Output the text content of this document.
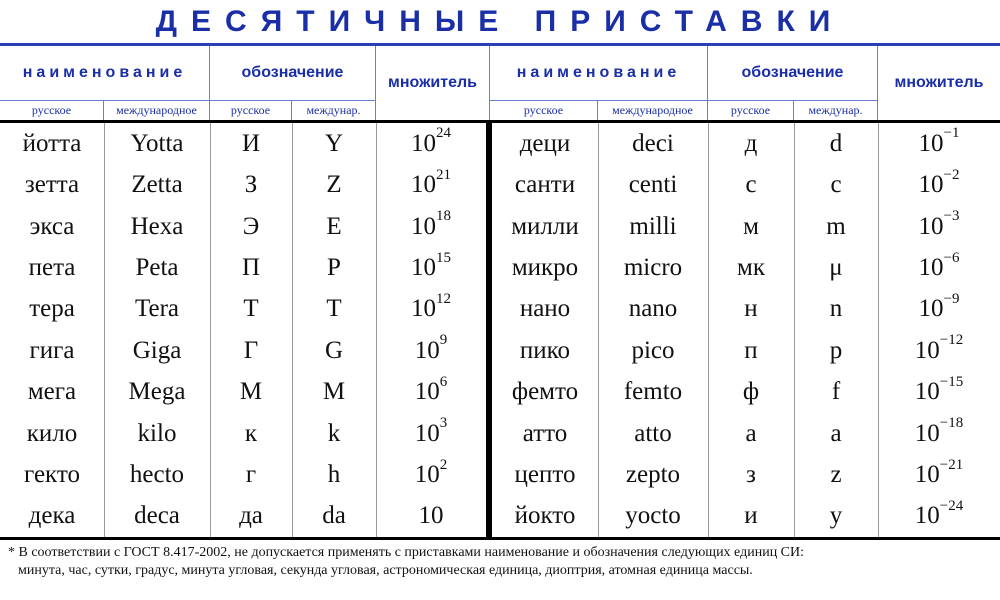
ДЕСЯТИЧНЫЕ ПРИСТАВКИ
наименование	обозначение
множитель
русское	международное	русское	междунар.
наименование	обозначение
множитель
русское	международное	русское	междунар.
йотта	Yotta	И	Y	$10^{24}$
зетта	Zetta	З	Z	$10^{21}$
экса	Hexa	Э	E	$10^{18}$
пета	Peta	П	P	$10^{15}$
тера	Tera	Т	T	$10^{12}$
гига	Giga	Г	G	$10^9$
мега	Mega	М	M	$10^6$
кило	kilo	к	k	$10^3$
гекто	hecto	г	h	$10^2$
дека	deca	да	da	10
деци	deci	д	d	$10^{-1}$
санти	centi	с	c	$10^{-2}$
милли	milli	м	m	$10^{-3}$
микро	micro	мк	μ	$10^{-6}$
нано	nano	н	n	$10^{-9}$
пико	pico	п	p	$10^{-12}$
фемто	femto	ф	f	$10^{-15}$
атто	atto	а	a	$10^{-18}$
цепто	zepto	з	z	$10^{-21}$
йокто	yocto	и	y	$10^{-24}$
* В соответствии с ГОСТ 8.417-2002, не допускается применять с приставками наименование и обозначения следующих единиц СИ:
минута, час, сутки, градус, минута угловая, секунда угловая, астрономическая единица, диоптрия, атомная единица массы.
